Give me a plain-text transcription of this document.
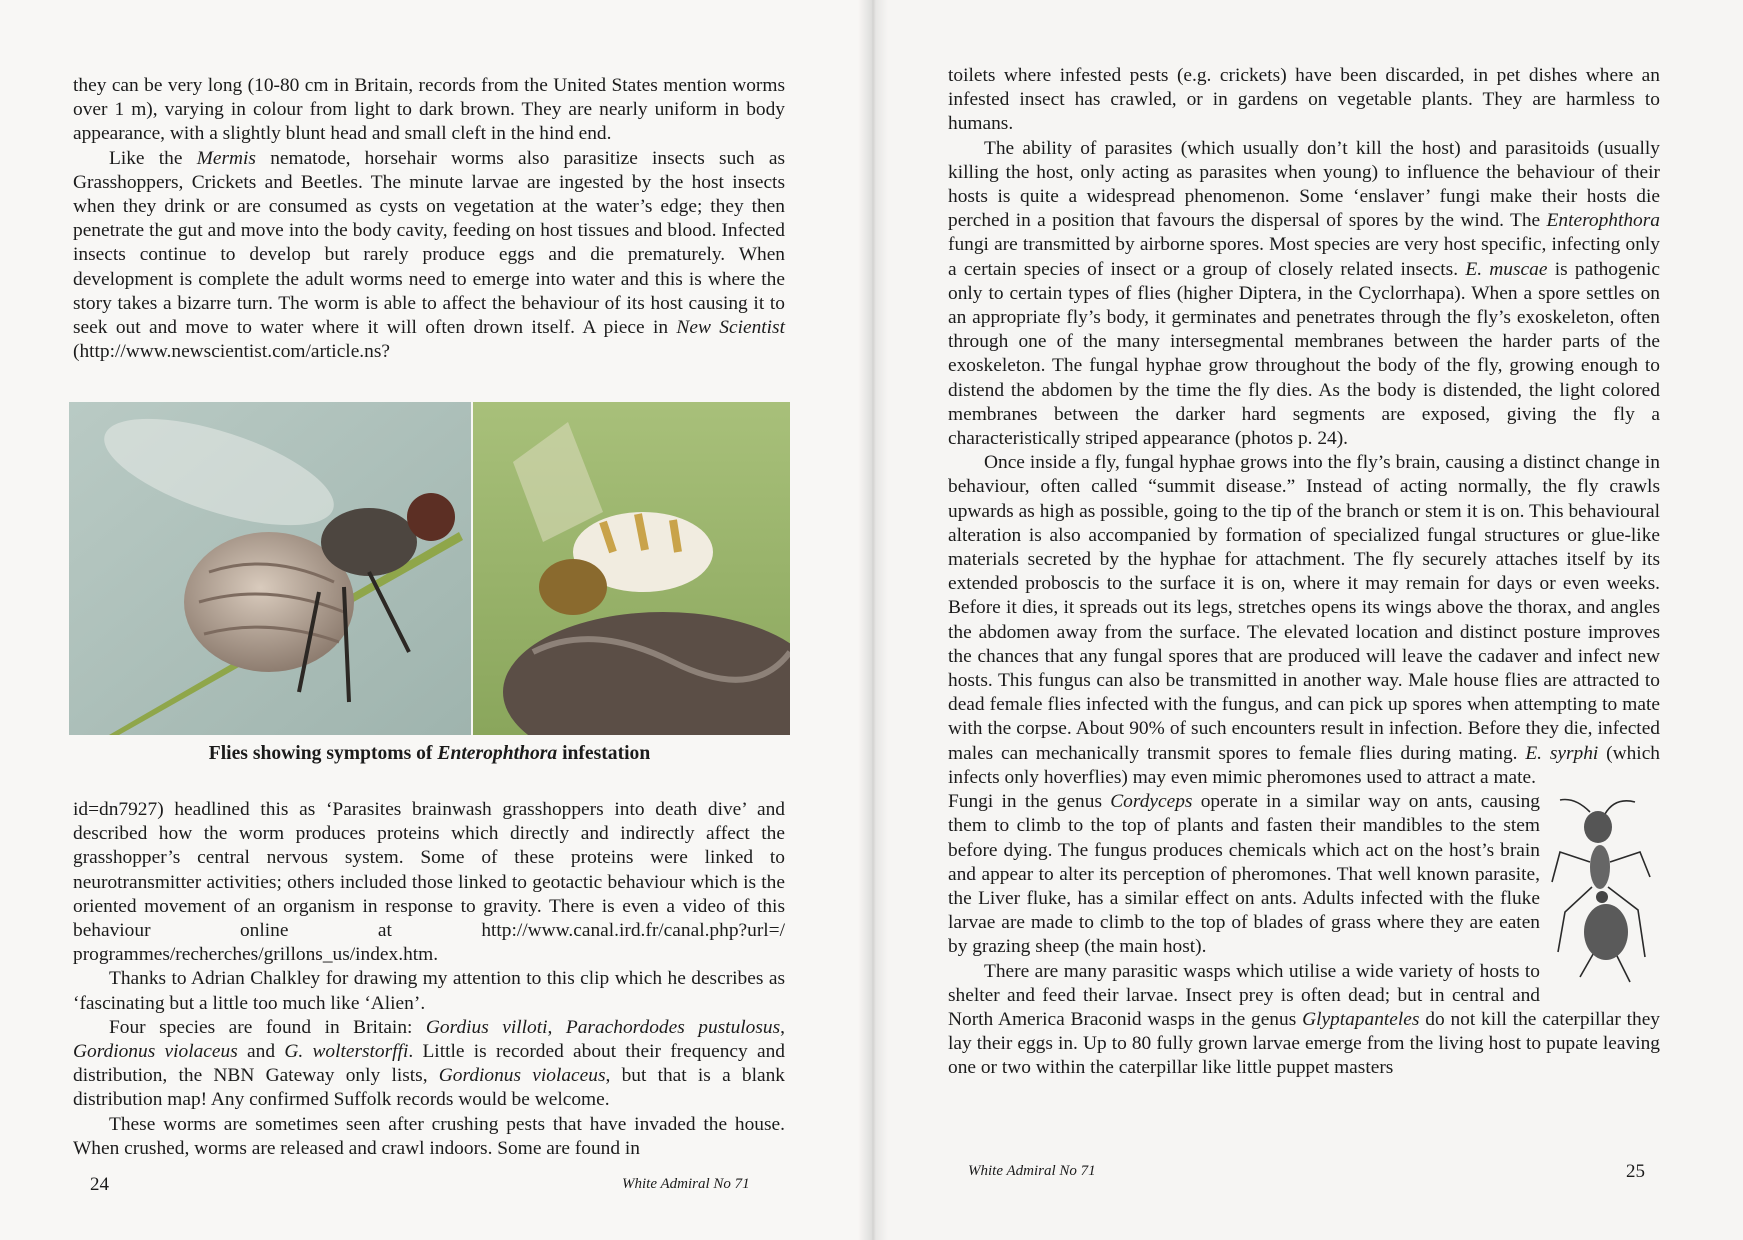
they can be very long (10-80 cm in Britain, records from the United States mention worms over 1 m), varying in colour from light to dark brown. They are nearly uniform in body appearance, with a slightly blunt head and small cleft in the hind end.

Like the Mermis nematode, horsehair worms also parasitize insects such as Grasshoppers, Crickets and Beetles. The minute larvae are ingested by the host insects when they drink or are consumed as cysts on vegetation at the water’s edge; they then penetrate the gut and move into the body cavity, feeding on host tissues and blood. Infected insects continue to develop but rarely produce eggs and die prematurely. When development is complete the adult worms need to emerge into water and this is where the story takes a bizarre turn. The worm is able to affect the behaviour of its host causing it to seek out and move to water where it will often drown itself. A piece in New Scientist (http://www.newscientist.com/article.ns?

Flies showing symptoms of Enterophthora infestation

id=dn7927) headlined this as ‘Parasites brainwash grasshoppers into death dive’ and described how the worm produces proteins which directly and indirectly affect the grasshopper’s central nervous system. Some of these proteins were linked to neurotransmitter activities; others included those linked to geotactic behaviour which is the oriented movement of an organism in response to gravity. There is even a video of this behaviour online at http://www.canal.ird.fr/canal.php?url=/ programmes/recherches/grillons_us/index.htm.

Thanks to Adrian Chalkley for drawing my attention to this clip which he describes as ‘fascinating but a little too much like ‘Alien’.

Four species are found in Britain: Gordius villoti, Parachordodes pustulosus, Gordionus violaceus and G. wolterstorffi. Little is recorded about their frequency and distribution, the NBN Gateway only lists, Gordionus violaceus, but that is a blank distribution map! Any confirmed Suffolk records would be welcome.

These worms are sometimes seen after crushing pests that have invaded the house. When crushed, worms are released and crawl indoors. Some are found in

24	White Admiral No 71

toilets where infested pests (e.g. crickets) have been discarded, in pet dishes where an infested insect has crawled, or in gardens on vegetable plants. They are harmless to humans.

The ability of parasites (which usually don’t kill the host) and parasitoids (usually killing the host, only acting as parasites when young) to influence the behaviour of their hosts is quite a widespread phenomenon. Some ‘enslaver’ fungi make their hosts die perched in a position that favours the dispersal of spores by the wind. The Enterophthora fungi are transmitted by airborne spores. Most species are very host specific, infecting only a certain species of insect or a group of closely related insects. E. muscae is pathogenic only to certain types of flies (higher Diptera, in the Cyclorrhapa). When a spore settles on an appropriate fly’s body, it germinates and penetrates through the fly’s exoskeleton, often through one of the many intersegmental membranes between the harder parts of the exoskeleton. The fungal hyphae grow throughout the body of the fly, growing enough to distend the abdomen by the time the fly dies. As the body is distended, the light colored membranes between the darker hard segments are exposed, giving the fly a characteristically striped appearance (photos p. 24).

Once inside a fly, fungal hyphae grows into the fly’s brain, causing a distinct change in behaviour, often called “summit disease.” Instead of acting normally, the fly crawls upwards as high as possible, going to the tip of the branch or stem it is on. This behavioural alteration is also accompanied by formation of specialized fungal structures or glue-like materials secreted by the hyphae for attachment. The fly securely attaches itself by its extended proboscis to the surface it is on, where it may remain for days or even weeks. Before it dies, it spreads out its legs, stretches opens its wings above the thorax, and angles the abdomen away from the surface. The elevated location and distinct posture improves the chances that any fungal spores that are produced will leave the cadaver and infect new hosts. This fungus can also be transmitted in another way. Male house flies are attracted to dead female flies infected with the fungus, and can pick up spores when attempting to mate with the corpse. About 90% of such encounters result in infection. Before they die, infected males can mechanically transmit spores to female flies during mating. E. syrphi (which infects only hoverflies) may even mimic pheromones used to attract a mate.

Fungi in the genus Cordyceps operate in a similar way on ants, causing them to climb to the top of plants and fasten their mandibles to the stem before dying. The fungus produces chemicals which act on the host’s brain and appear to alter its perception of pheromones. That well known parasite, the Liver fluke, has a similar effect on ants. Adults infected with the fluke larvae are made to climb to the top of blades of grass where they are eaten by grazing sheep (the main host).

There are many parasitic wasps which utilise a wide variety of hosts to shelter and feed their larvae. Insect prey is often dead; but in central and North America Braconid wasps in the genus Glyptapanteles do not kill the caterpillar they lay their eggs in. Up to 80 fully grown larvae emerge from the living host to pupate leaving one or two within the caterpillar like little puppet masters

White Admiral No 71	25
